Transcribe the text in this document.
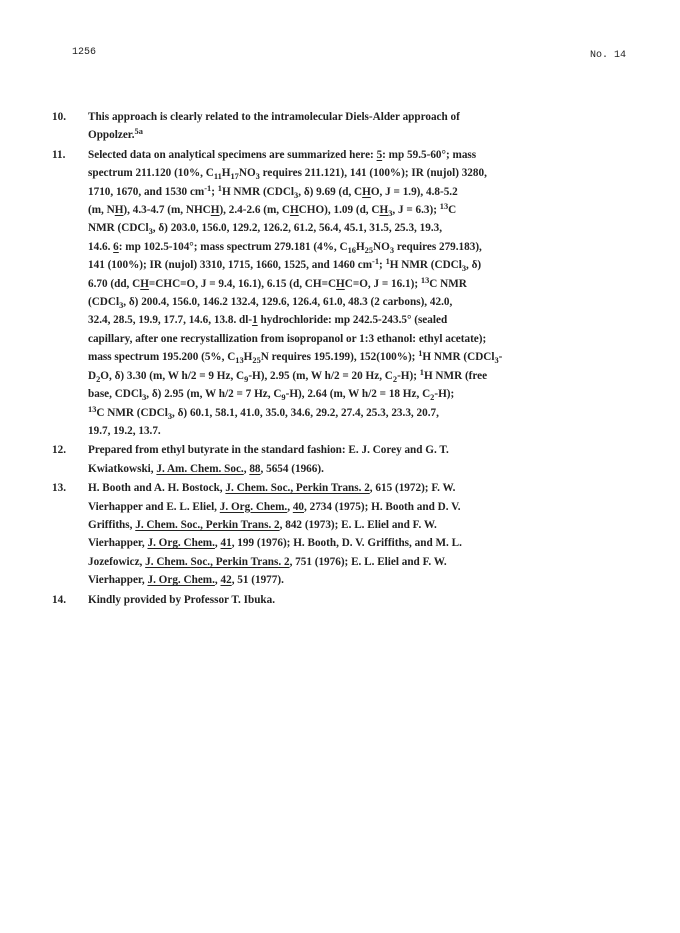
1256	No. 14
10.	This approach is clearly related to the intramolecular Diels-Alder approach of
Oppolzer.$^{5a}$
11.	Selected data on analytical specimens are summarized here: 5: mp 59.5-60°; mass
spectrum 211.120 (10%, $C_{11}H_{17}NO_3$ requires 211.121), 141 (100%); IR (nujol) 3280,
1710, 1670, and 1530 $cm^{-1}$; $^1$H NMR (CDCl$_3$, δ) 9.69 (d, CHO, J = 1.9), 4.8-5.2
(m, NH), 4.3-4.7 (m, NHCH), 2.4-2.6 (m, CHCHO), 1.09 (d, $CH_3$, J = 6.3); $^{13}$C
NMR (CDCl$_3$, δ) 203.0, 156.0, 129.2, 126.2, 61.2, 56.4, 45.1, 31.5, 25.3, 19.3,
14.6. 6: mp 102.5-104°; mass spectrum 279.181 (4%, $C_{16}H_{25}NO_3$ requires 279.183),
141 (100%); IR (nujol) 3310, 1715, 1660, 1525, and 1460 $cm^{-1}$; $^1$H NMR (CDCl$_3$, δ)
6.70 (dd, CH=CHC=O, J = 9.4, 16.1), 6.15 (d, CH=CHC=O, J = 16.1); $^{13}$C NMR
(CDCl$_3$, δ) 200.4, 156.0, 146.2 132.4, 129.6, 126.4, 61.0, 48.3 (2 carbons), 42.0,
32.4, 28.5, 19.9, 17.7, 14.6, 13.8. dl-1 hydrochloride: mp 242.5-243.5° (sealed
capillary, after one recrystallization from isopropanol or 1:3 ethanol: ethyl acetate);
mass spectrum 195.200 (5%, $C_{13}H_{25}N$ requires 195.199), 152(100%); $^1$H NMR (CDCl$_3$-
$D_2O$, δ) 3.30 (m, W h/2 = 9 Hz, $C_9-H$), 2.95 (m, W h/2 = 20 Hz, $C_2-H$); $^1$H NMR (free
base, CDCl$_3$, δ) 2.95 (m, W h/2 = 7 Hz, $C_9-H$), 2.64 (m, W h/2 = 18 Hz, $C_2-H$);
$^{13}$C NMR (CDCl$_3$, δ) 60.1, 58.1, 41.0, 35.0, 34.6, 29.2, 27.4, 25.3, 23.3, 20.7,
19.7, 19.2, 13.7.
12.	Prepared from ethyl butyrate in the standard fashion: E. J. Corey and G. T.
Kwiatkowski, J. Am. Chem. Soc., 88, 5654 (1966).
13.	H. Booth and A. H. Bostock, J. Chem. Soc., Perkin Trans. 2, 615 (1972); F. W.
Vierhapper and E. L. Eliel, J. Org. Chem., 40, 2734 (1975); H. Booth and D. V.
Griffiths, J. Chem. Soc., Perkin Trans. 2, 842 (1973); E. L. Eliel and F. W.
Vierhapper, J. Org. Chem., 41, 199 (1976); H. Booth, D. V. Griffiths, and M. L.
Jozefowicz, J. Chem. Soc., Perkin Trans. 2, 751 (1976); E. L. Eliel and F. W.
Vierhapper, J. Org. Chem., 42, 51 (1977).
14.	Kindly provided by Professor T. Ibuka.
